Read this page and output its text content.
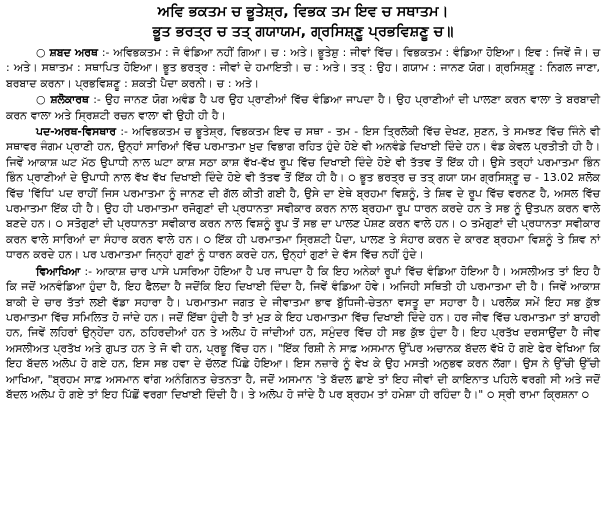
ਅਵਿ ਭਕਤਮ ਚ ਭੂਤੇਸ਼੍ਰ, ਵਿਭਕ ਤਮ ਇਵ ਚ ਸਥਾਤਮ।

ਭੂਤ ਭਰਤ੍ਰ ਚ ਤਤ੍ ਗਯਾਯਮ, ਗ੍ਰਸਿਸ਼੍ਣੂ ਪ੍ਰਭਵਿਸ਼ਣੂ ਚ॥

○ ਸ਼ਬਦ ਅਰਥ :- ਅਵਿਭਕਤਮ : ਜੋ ਵੰਡਿਆ ਨਹੀਂ ਗਿਆ। ਚ : ਅਤੇ। ਭੂਤੇਸ਼ੁ : ਜੀਵਾਂ ਵਿੱਚ। ਵਿਭਕਤਮ : ਵੰਡਿਆ ਹੋਇਆ। ਇਵ : ਜਿਵੇਂ ਜੋ। ਚ : ਅਤੇ। ਸਥਾਤਮ : ਸਥਾਪਿਤ ਹੋਇਆ। ਭੂਤ ਭਰਤ੍ਰ : ਜੀਵਾਂ ਦੇ ਹਮਾਇਤੀ। ਚ : ਅਤੇ। ਤਤ੍ : ਉਹ। ਗਯਾਮ : ਜਾਨਣ ਯੋਗ। ਗ੍ਰਸਿਸ਼੍ਣੂ : ਨਿਗਲ ਜਾਣਾ, ਬਰਬਾਦ ਕਰਨਾ। ਪ੍ਰਭਵਿਸ਼ਣੂ : ਸ਼ਕਤੀ ਪੈਦਾ ਕਰਨੀ। ਚ : ਅਤੇ।

○ ਸ਼ਲੋਕਾਰਥ :- ਉਹ ਜਾਨਣ ਯੋਗ ਅਵੰਡ ਹੈ ਪਰ ਉਹ ਪ੍ਰਾਣੀਆਂ ਵਿੱਚ ਵੰਡਿਆ ਜਾਪਦਾ ਹੈ। ਉਹ ਪ੍ਰਾਣੀਆਂ ਦੀ ਪਾਲਣਾ ਕਰਨ ਵਾਲਾ ਤੇ ਬਰਬਾਦੀ ਕਰਨ ਵਾਲਾ ਅਤੇ ਸ੍ਰਿਸ਼ਟੀ ਰਚਨ ਵਾਲਾ ਵੀ ਉਹੀ ਹੀ ਹੈ।

ਪਦ-ਅਰਥ-ਵਿਸਥਾਰ :- ਅਵਿਭਕਤਮ ਚ ਭੂਤੇਸ਼੍ਰ, ਵਿਭਕਤਮ ਇਵ ਚ ਸਥਾ - ਤਮ - ਇਸ ਤ੍ਰਿਲੋਕੀ ਵਿੱਚ ਦੇਖਣ, ਸੁਣਨ, ਤੇ ਸਮਝਣ ਵਿੱਚ ਜਿੰਨੇ ਵੀ ਸਥਾਵਰ ਜੰਗਮ ਪ੍ਰਾਣੀ ਹਨ, ਉਨ੍ਹਾਂ ਸਾਰਿਆਂ ਵਿੱਚ ਪਰਮਾਤਮਾ ਖ਼ੁਦ ਵਿਭਾਗ ਰਹਿਤ ਹੁੰਦੇ ਹੋਏ ਵੀ ਅਨਵੰਡੇ ਦਿਖਾਈ ਦਿੰਦੇ ਹਨ। ਵੰਡ ਕੇਵਲ ਪ੍ਰਤੀਤੀ ਹੀ ਹੈ। ਜਿਵੇਂ ਆਕਾਸ਼ ਘਟ ਮੱਠ ਉਪਾਧੀ ਨਾਲ ਘਟਾ ਕਾਸ਼ ਸਠਾ ਕਾਸ਼ ਵੱਖ-ਵੱਖ ਰੂਪ ਵਿੱਚ ਦਿਖਾਈ ਦਿੰਦੇ ਹੋਏ ਵੀ ਤੱਤਵ ਤੋਂ ਇੱਕ ਹੀ। ਉਸੇ ਤਰ੍ਹਾਂ ਪਰਮਾਤਮਾ ਭਿੰਨ ਭਿੰਨ ਪ੍ਰਾਣੀਆਂ ਦੇ ਉਪਾਧੀ ਨਾਲ ਵੱਖ ਵੱਖ ਦਿਖਾਈ ਦਿੰਦੇ ਹੋਏ ਵੀ ਤੱਤਵ ਤੋਂ ਇੱਕ ਹੀ ਹੈ। ੦ ਭੂਤ ਭਰਤ੍ਰ ਚ ਤਤ੍ ਗਯਾ ਯਮ ਗ੍ਰਸਿਸ਼੍ਣੂ ਚ - 13.02 ਸ਼ਲੋਕ ਵਿੱਚ 'ਵਿੱਧਿ' ਪਦ ਰਾਹੀਂ ਜਿਸ ਪਰਮਾਤਮਾ ਨੂੰ ਜਾਨਣ ਦੀ ਗੱਲ ਕੀਤੀ ਗਈ ਹੈ, ਉਸੇ ਦਾ ਏਥੇ ਬ੍ਰਹਮਾ ਵਿਸ਼ਨੂੰ, ਤੇ ਸ਼ਿਵ ਦੇ ਰੂਪ ਵਿੱਚ ਵਰਨਣ ਹੈ, ਅਸਲ ਵਿੱਚ ਪਰਮਾਤਮਾ ਇੱਕ ਹੀ ਹੈ। ਉਹ ਹੀ ਪਰਮਾਤਮਾ ਰਜੋਗੁਣਾਂ ਦੀ ਪ੍ਰਧਾਨਤਾ ਸਵੀਕਾਰ ਕਰਨ ਨਾਲ ਬ੍ਰਹਮਾ ਰੂਪ ਧਾਰਨ ਕਰਦੇ ਹਨ ਤੇ ਸਭ ਨੂੰ ਉਤਪਨ ਕਰਨ ਵਾਲੇ ਬਣਦੇ ਹਨ। ੦ ਸਤੋਗੁਣਾਂ ਦੀ ਪ੍ਰਧਾਨਤਾ ਸਵੀਕਾਰ ਕਰਨ ਨਾਲ ਵਿਸ਼ਨੂੰ ਰੂਪ ਤੋਂ ਸਭ ਦਾ ਪਾਲਣ ਪੋਸ਼ਣ ਕਰਨ ਵਾਲੇ ਹਨ। ੦ ਤਮੋਗੁਣਾਂ ਦੀ ਪ੍ਰਧਾਨਤਾ ਸਵੀਕਾਰ ਕਰਨ ਵਾਲੇ ਸਾਰਿਆਂ ਦਾ ਸੰਹਾਰ ਕਰਨ ਵਾਲੇ ਹਨ। ੦ ਇੱਕ ਹੀ ਪਰਮਾਤਮਾ ਸ੍ਰਿਸ਼ਟੀ ਪੈਦਾ, ਪਾਲਣ ਤੇ ਸੰਹਾਰ ਕਰਨ ਦੇ ਕਾਰਣ ਬ੍ਰਹਮਾ ਵਿਸ਼ਨੂੰ ਤੇ ਸ਼ਿਵ ਨਾਂ ਧਾਰਨ ਕਰਦੇ ਹਨ। ਪਰ ਪਰਮਾਤਮਾ ਜਿਨ੍ਹਾਂ ਗੁਣਾਂ ਨੂੰ ਧਾਰਨ ਕਰਦੇ ਹਨ, ਉਨ੍ਹਾਂ ਗੁਣਾਂ ਦੇ ਵੱਸ ਵਿੱਚ ਨਹੀਂ ਹੁੰਦੇ।

ਵਿਆਖਿਆ :- ਆਕਾਸ਼ ਚਾਰ ਪਾਸੇ ਪਸਰਿਆ ਹੋਇਆ ਹੈ ਪਰ ਜਾਪਦਾ ਹੈ ਕਿ ਇਹ ਅਨੇਕਾਂ ਰੂਪਾਂ ਵਿੱਚ ਵੰਡਿਆ ਹੋਇਆ ਹੈ। ਅਸਲੀਅਤ ਤਾਂ ਇਹ ਹੈ ਕਿ ਜਦੋਂ ਅਨਵੰਡਿਆ ਹੁੰਦਾ ਹੈ, ਇਹ ਫੈਲਦਾ ਹੈ ਜਦੋਂਕਿ ਇਹ ਦਿਖਾਈ ਦਿੰਦਾ ਹੈ, ਜਿਵੇਂ ਵੰਡਿਆ ਹੋਵੇ। ਅਜਿਹੀ ਸਥਿਤੀ ਹੀ ਪਰਮਾਤਮਾ ਦੀ ਹੈ। ਜਿਵੇਂ ਆਕਾਸ਼ ਬਾਕੀ ਦੇ ਚਾਰ ਤੱਤਾਂ ਲਈ ਵੱਡਾ ਸਹਾਰਾ ਹੈ। ਪਰਮਾਤਮਾ ਜਗਤ ਦੇ ਜੀਵਾਤਮਾ ਭਾਵ ਬੁੱਧਿਜੀ-ਚੇਤਨਾ ਵਸਤੂ ਦਾ ਸਹਾਰਾ ਹੈ। ਪਰਲੋਕ ਸਮੇਂ ਇਹ ਸਭ ਕੁੱਝ ਪਰਮਾਤਮਾ ਵਿੱਚ ਸਮਿਲਿਤ ਹੋ ਜਾਂਦੇ ਹਨ। ਜਦੋਂ ਇੱਥਾ ਹੁੰਦੀ ਹੈ ਤਾਂ ਮੁੜ ਕੇ ਇਹ ਪਰਮਾਤਮਾ ਵਿੱਚ ਦਿਖਾਈ ਦਿੰਦੇ ਹਨ। ਹਰ ਜੀਵ ਵਿੱਚ ਪਰਮਾਤਮਾ ਤਾਂ ਬਾਹਰੀ ਹਨ, ਜਿਵੇਂ ਲਹਿਰਾਂ ਉਨ੍ਹੇਂਦਾ ਹਨ, ਠਹਿਰਦੀਆਂ ਹਨ ਤੇ ਅਲੋਪ ਹੋ ਜਾਂਦੀਆਂ ਹਨ, ਸਮੁੰਦਰ ਵਿੱਚ ਹੀ ਸਭ ਕੁੱਝ ਹੁੰਦਾ ਹੈ। ਇਹ ਪ੍ਰਤੱਖ ਦਰਸਾਉਂਦਾ ਹੈ ਜੀਵ ਅਸਲੀਅਤ ਪ੍ਰਤੱਖ ਅਤੇ ਗੁਪਤ ਹਨ ਤੇ ਜੋ ਵੀ ਹਨ, ਪ੍ਰਭੂ ਵਿੱਚ ਹਨ। "ਇੱਕ ਰਿਸ਼ੀ ਨੇ ਸਾਫ਼ ਅਸਮਾਨ ਉੱਪਰ ਅਚਾਨਕ ਬੱਦਲ ਵੱਖੋ ਹੋ ਗਏ ਫੇਰ ਵੇਖਿਆ ਕਿ ਇਹ ਬੱਦਲ ਅਲੋਪ ਹੋ ਗਏ ਹਨ, ਇਸ ਸਭ ਹਵਾ ਦੇ ਚੱਲਣ ਪਿੱਛੇ ਹੋਇਆ। ਇਸ ਨਜ਼ਾਰੇ ਨੂੰ ਵੇਖ ਕੇ ਉਹ ਮਸਤੀ ਅਨੁਭਵ ਕਰਨ ਲੱਗਾ। ਉਸ ਨੇ ਉੱਚੀ ਉੱਚੀ ਆਖਿਆ, "ਬ੍ਰਹਮ ਸਾਫ਼ ਅਸਮਾਨ ਵਾਂਗ ਅਨੰਗਿਨਤ ਚੇਤਨਤਾ ਹੈ, ਜਦੋਂ ਅਸਮਾਨ 'ਤੇ ਬੱਦਲ ਛਾਏ ਤਾਂ ਇਹ ਜੀਵਾਂ ਦੀ ਕਾਇਨਾਤ ਪਹਿਲੇ ਵਰਗੀ ਸੀ ਅਤੇ ਜਦੋਂ ਬੱਦਲ ਅਲੋਪ ਹੋ ਗਏ ਤਾਂ ਇਹ ਪਿੱਛੋਂ ਵਰਗਾ ਦਿਖਾਈ ਦਿੰਦੀ ਹੈ। ਤੇ ਅਲੋਪ ਹੋ ਜਾਂਦੇ ਹੈ ਪਰ ਬ੍ਰਹਮ ਤਾਂ ਹਮੇਸ਼ਾ ਹੀ ਰਹਿੰਦਾ ਹੈ।" ੦ ਸ੍ਰੀ ਰਾਮਾ ਕ੍ਰਿਸ਼ਨਾ ੦
